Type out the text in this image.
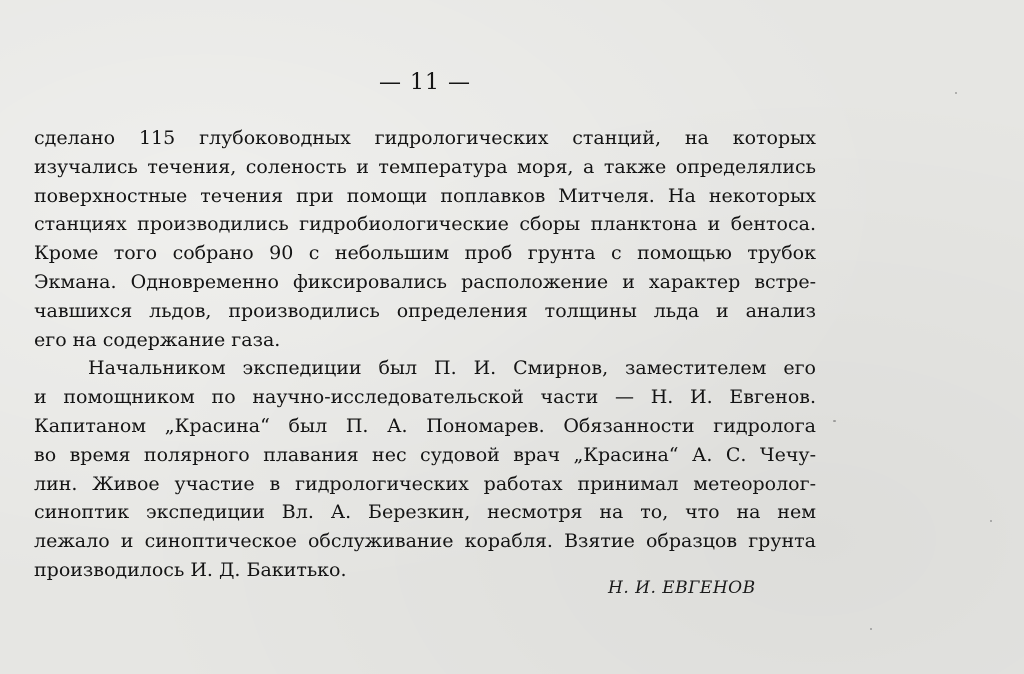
— 11 —
сделано 115 глубоководных гидрологических станций, на которых
изучались течения, соленость и температура моря, а также определялись
поверхностные течения при помощи поплавков Митчеля. На некоторых
станциях производились гидробиологические сборы планктона и бентоса.
Кроме того собрано 90 с небольшим проб грунта с помощью трубок
Экмана. Одновременно фиксировались расположение и характер встре-
чавшихся льдов, производились определения толщины льда и анализ
его на содержание газа.
Начальником экспедиции был П. И. Смирнов, заместителем его
и помощником по научно-исследовательской части — Н. И. Евгенов.
Капитаном „Красина“ был П. А. Пономарев. Обязанности гидролога
во время полярного плавания нес судовой врач „Красина“ А. С. Чечу-
лин. Живое участие в гидрологических работах принимал метеоролог-
синоптик экспедиции Вл. А. Березкин, несмотря на то, что на нем
лежало и синоптическое обслуживание корабля. Взятие образцов грунта
производилось И. Д. Бакитько.
Н. И. ЕВГЕНОВ
